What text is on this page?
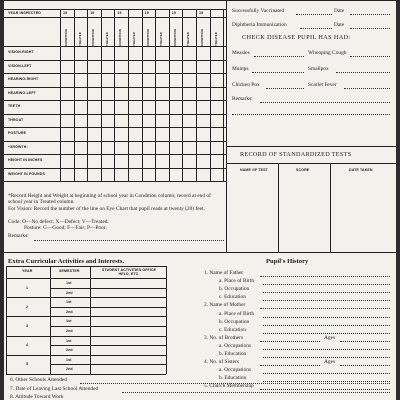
YEAR INSPECTED
*Record Height and Weight at beginning of school year in Condition column; record at end of school year in Treated column.
For Vision: Record the number of the line on Eye Chart that pupil reads at twenty (20) feet.
Code: O—No defect; X—Defect; V—Treated.
Posture: G—Good; F—Fair; P—Poor.
Remarks:
Successfully Vaccinated	Date
Diphtheria Immunization	Date
CHECK DISEASE PUPIL HAS HAD:
Measles	Whooping Cough
Mumps	Smallpox
Chicken Pox	Scarlet Fever
Remarks:
RECORD OF STANDARDIZED TESTS
NAME OF TEST	SCORE	DATE TAKEN
Extra Curricular Activities and Interests.	Pupil's History
6. Other Schools Attended
7. Date of Leaving Last School Attended
8. Attitude Toward Work
19	19	19	19	19	19
CONDITION	TREATED	CONDITION	TREATED	CONDITION	TREATED	CONDITION	TREATED	CONDITION	TREATED	CONDITION	TREATED
VISION-RIGHT
VISION-LEFT
HEARING-RIGHT
HEARING-LEFT
TEETH
THROAT
POSTURE
*GROWTH:
HEIGHT IN INCHES
WEIGHT IN POUNDS
YEAR	SEMESTER	STUDENT ACTIVITIES OFFICE HELD, ETC.
1
1st
2nd
2
1st
2nd
3
1st
2nd
4
1st
2nd
5
1st
2nd
1. Name of Father
a. Place of Birth
b. Occupation
c. Education
2. Name of Mother
a. Place of Birth
b. Occupation
c. Education
3. No. of Brothers	Ages
a. Occupations
b. Education
4. No. of Sisters	Ages
a. Occupations
b. Education
5. Church Membership
